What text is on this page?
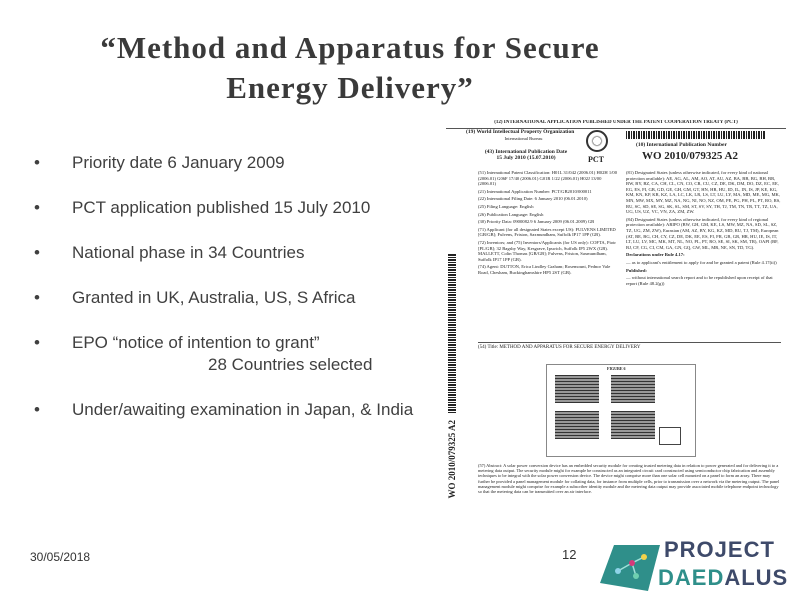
“Method and Apparatus for Secure
Energy Delivery”
• Priority date 6 January 2009
• PCT application published 15 July 2010
• National phase in 34 Countries
• Granted in UK, Australia, US, S Africa
• EPO “notice of intention to grant”
28 Countries selected
• Under/awaiting examination in Japan, & India
(12) INTERNATIONAL APPLICATION PUBLISHED UNDER THE PATENT COOPERATION TREATY (PCT)
(19) World Intellectual Property Organization
International Bureau
(43) International Publication Date
15 July 2010 (15.07.2010)	PCT
(10) International Publication Number
WO 2010/079325 A2

(51) International Patent Classification: H01L 31/042 (2006.01) H02H 1/00 (2006.01) G06F 17/40 (2006.01) G01R 1/22 (2006.01) H02J 13/00 (2006.01)

(21) International Application Number: PCT/GB2010/000011

(22) International Filing Date: 6 January 2010 (06.01.2010)

(25) Filing Language: English

(26) Publication Language: English

(30) Priority Data: 0900082.9 6 January 2009 (06.01.2009) GB

(71) Applicant (for all designated States except US): FULVENS LIMITED [GB/GB]; Fulvens, Friston, Saxmundham, Suffolk IP17 1PP (GB).

(72) Inventors; and (75) Inventors/Applicants (for US only): COFTA, Piotr [PL/GB]; 32 Bagsby Way, Kesgrave, Ipswich, Suffolk IP5 2WX (GB). MALLETT, Colin Thomas [GB/GB]; Fulvens, Friston, Saxmundham, Suffolk IP17 1PP (GB).

(74) Agent: DUTTON, Erica Lindley Graham; Rosemount, Pednor Vale Road, Chesham, Buckinghamshire HP5 2ST (GB).

(81) Designated States (unless otherwise indicated, for every kind of national protection available): AE, AG, AL, AM, AO, AT, AU, AZ, BA, BB, BG, BH, BR, BW, BY, BZ, CA, CH, CL, CN, CO, CR, CU, CZ, DE, DK, DM, DO, DZ, EC, EE, EG, ES, FI, GB, GD, GE, GH, GM, GT, HN, HR, HU, ID, IL, IN, IS, JP, KE, KG, KM, KN, KP, KR, KZ, LA, LC, LK, LR, LS, LT, LU, LY, MA, MD, ME, MG, MK, MN, MW, MX, MY, MZ, NA, NG, NI, NO, NZ, OM, PE, PG, PH, PL, PT, RO, RS, RU, SC, SD, SE, SG, SK, SL, SM, ST, SV, SY, TH, TJ, TM, TN, TR, TT, TZ, UA, UG, US, UZ, VC, VN, ZA, ZM, ZW.

(84) Designated States (unless otherwise indicated, for every kind of regional protection available): ARIPO (BW, GH, GM, KE, LS, MW, MZ, NA, SD, SL, SZ, TZ, UG, ZM, ZW), Eurasian (AM, AZ, BY, KG, KZ, MD, RU, TJ, TM), European (AT, BE, BG, CH, CY, CZ, DE, DK, EE, ES, FI, FR, GB, GR, HR, HU, IE, IS, IT, LT, LU, LV, MC, MK, MT, NL, NO, PL, PT, RO, SE, SI, SK, SM, TR), OAPI (BF, BJ, CF, CG, CI, CM, GA, GN, GQ, GW, ML, MR, NE, SN, TD, TG).

Declarations under Rule 4.17:

— as to applicant's entitlement to apply for and be granted a patent (Rule 4.17(ii))

Published:

— without international search report and to be republished upon receipt of that report (Rule 48.2(g))

WO 2010/079325 A2
(54) Title: METHOD AND APPARATUS FOR SECURE ENERGY DELIVERY
FIGURE 6
(57) Abstract: A solar power conversion device has an embedded security module for creating trusted metering data in relation to power generated and for delivering it to a metering data output. The security module might for example be constructed as an integrated circuit card constructed using semiconductor chip fabrication and assembly techniques to be integral with the solar power conversion device. The device might comprise more than one solar cell mounted on a panel to form an array. There may further be provided a panel management module for collating data, for instance from multiple cells, prior to transmission over a network via the metering output. The panel management module might comprise for example a subscriber identity module and the metering data output may provide associated mobile telephone endpoint technology so that the metering data can be transmitted over an air interface.
30/05/2018	12	PROJECT
DAEDALUS
